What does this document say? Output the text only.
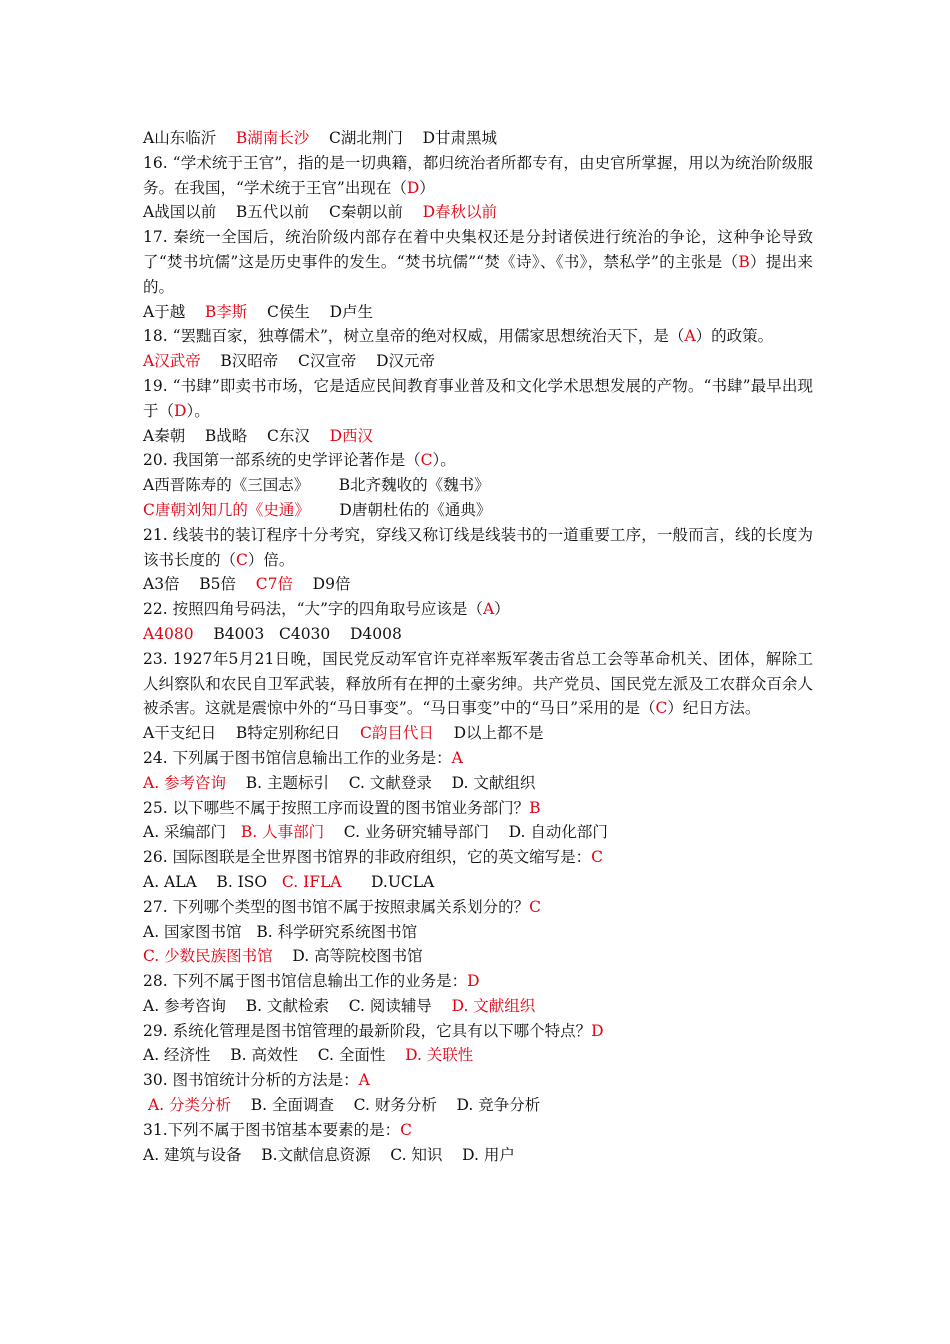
A山东临沂    B湖南长沙    C湖北荆门    D甘肃黑城
16. “学术统于王官”，指的是一切典籍，都归统治者所都专有，由史官所掌握，用以为统治阶级服务。在我国，“学术统于王官”出现在（D）
A战国以前    B五代以前    C秦朝以前    D春秋以前
17. 秦统一全国后，统治阶级内部存在着中央集权还是分封诸侯进行统治的争论，这种争论导致了“焚书坑儒”这是历史事件的发生。“焚书坑儒”“焚《诗》、《书》，禁私学”的主张是（B）提出来的。
A于越    B李斯    C侯生    D卢生
18. “罢黜百家，独尊儒术”，树立皇帝的绝对权威，用儒家思想统治天下，是（A）的政策。
A汉武帝    B汉昭帝    C汉宣帝    D汉元帝
19. “书肆”即卖书市场，它是适应民间教育事业普及和文化学术思想发展的产物。“书肆”最早出现于（D）。
A秦朝    B战略    C东汉    D西汉
20. 我国第一部系统的史学评论著作是（C）。
A西晋陈寿的《三国志》      B北齐魏收的《魏书》
C唐朝刘知几的《史通》      D唐朝杜佑的《通典》
21. 线装书的装订程序十分考究，穿线又称订线是线装书的一道重要工序，一般而言，线的长度为该书长度的（C）倍。
A3倍    B5倍    C7倍    D9倍
22. 按照四角号码法，“大”字的四角取号应该是（A）
A4080    B4003   C4030    D4008
23. 1927年5月21日晚，国民党反动军官许克祥率叛军袭击省总工会等革命机关、团体，解除工人纠察队和农民自卫军武装，释放所有在押的土豪劣绅。共产党员、国民党左派及工农群众百余人被杀害。这就是震惊中外的“马日事变”。“马日事变”中的“马日”采用的是（C）纪日方法。
A干支纪日    B特定别称纪日    C韵目代日    D以上都不是
24. 下列属于图书馆信息输出工作的业务是：A
A. 参考咨询    B. 主题标引    C. 文献登录    D. 文献组织
25. 以下哪些不属于按照工序而设置的图书馆业务部门？B
A. 采编部门   B. 人事部门    C. 业务研究辅导部门    D. 自动化部门
26. 国际图联是全世界图书馆界的非政府组织，它的英文缩写是：C
A. ALA    B. ISO   C. IFLA      D.UCLA
27. 下列哪个类型的图书馆不属于按照隶属关系划分的？C
A. 国家图书馆   B. 科学研究系统图书馆
C. 少数民族图书馆    D. 高等院校图书馆
28. 下列不属于图书馆信息输出工作的业务是：D
A. 参考咨询    B. 文献检索    C. 阅读辅导    D. 文献组织
29. 系统化管理是图书馆管理的最新阶段，它具有以下哪个特点？D
A. 经济性    B. 高效性    C. 全面性    D. 关联性
30. 图书馆统计分析的方法是：A
A. 分类分析    B. 全面调查    C. 财务分析    D. 竞争分析
31.下列不属于图书馆基本要素的是：C
A. 建筑与设备    B.文献信息资源    C. 知识    D. 用户
